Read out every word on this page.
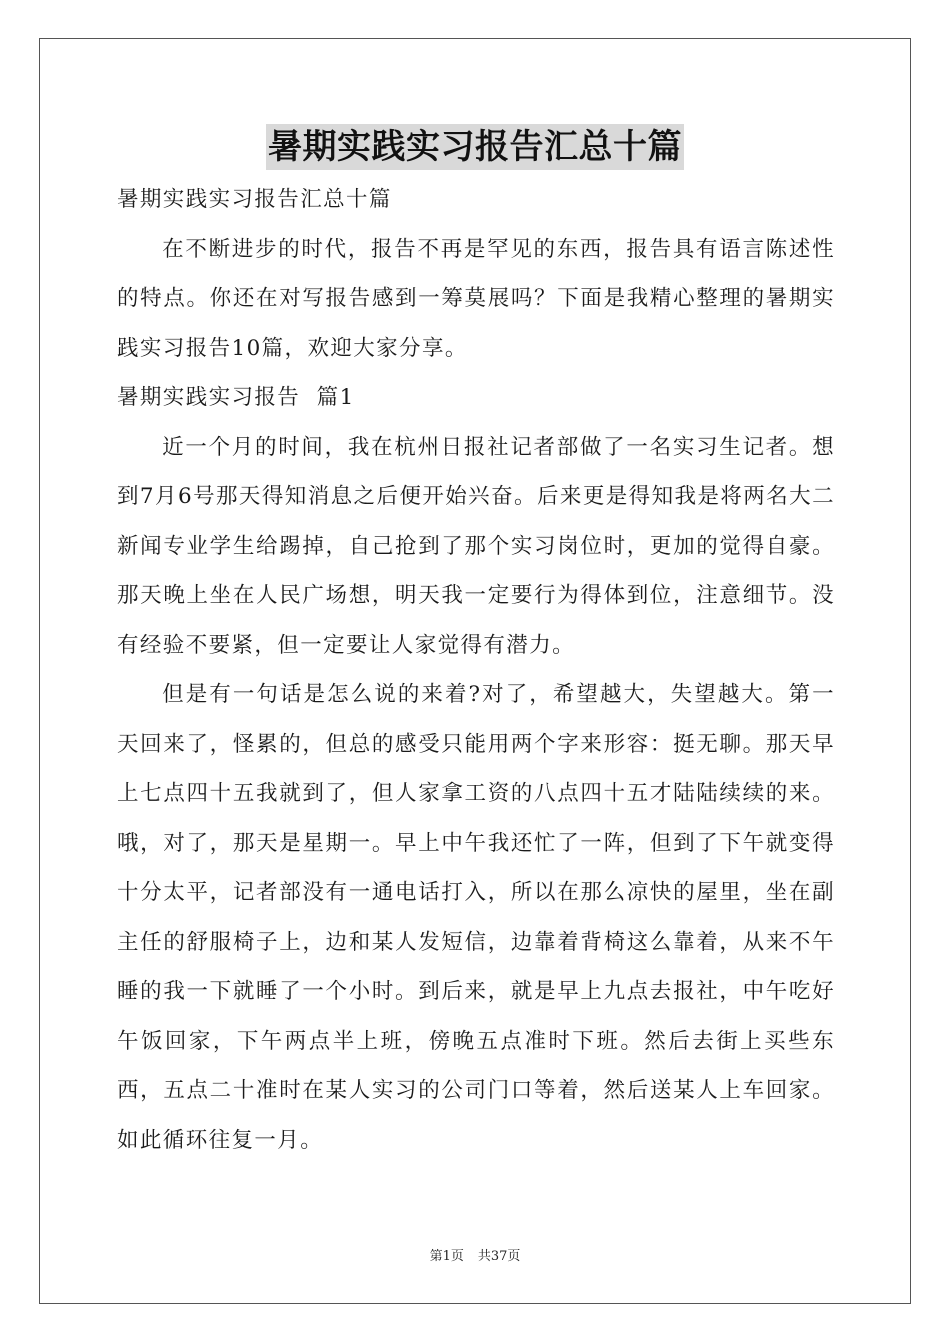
暑期实践实习报告汇总十篇

暑期实践实习报告汇总十篇

在不断进步的时代，报告不再是罕见的东西，报告具有语言陈述性的特点。你还在对写报告感到一筹莫展吗？下面是我精心整理的暑期实践实习报告10篇，欢迎大家分享。

暑期实践实习报告  篇1

近一个月的时间，我在杭州日报社记者部做了一名实习生记者。想到7月6号那天得知消息之后便开始兴奋。后来更是得知我是将两名大二新闻专业学生给踢掉，自己抢到了那个实习岗位时，更加的觉得自豪。那天晚上坐在人民广场想，明天我一定要行为得体到位，注意细节。没有经验不要紧，但一定要让人家觉得有潜力。

但是有一句话是怎么说的来着?对了，希望越大，失望越大。第一天回来了，怪累的，但总的感受只能用两个字来形容：挺无聊。那天早上七点四十五我就到了，但人家拿工资的八点四十五才陆陆续续的来。哦，对了，那天是星期一。早上中午我还忙了一阵，但到了下午就变得十分太平，记者部没有一通电话打入，所以在那么凉快的屋里，坐在副主任的舒服椅子上，边和某人发短信，边靠着背椅这么靠着，从来不午睡的我一下就睡了一个小时。到后来，就是早上九点去报社，中午吃好午饭回家，下午两点半上班，傍晚五点准时下班。然后去街上买些东西，五点二十准时在某人实习的公司门口等着，然后送某人上车回家。如此循环往复一月。

第1页 共37页
